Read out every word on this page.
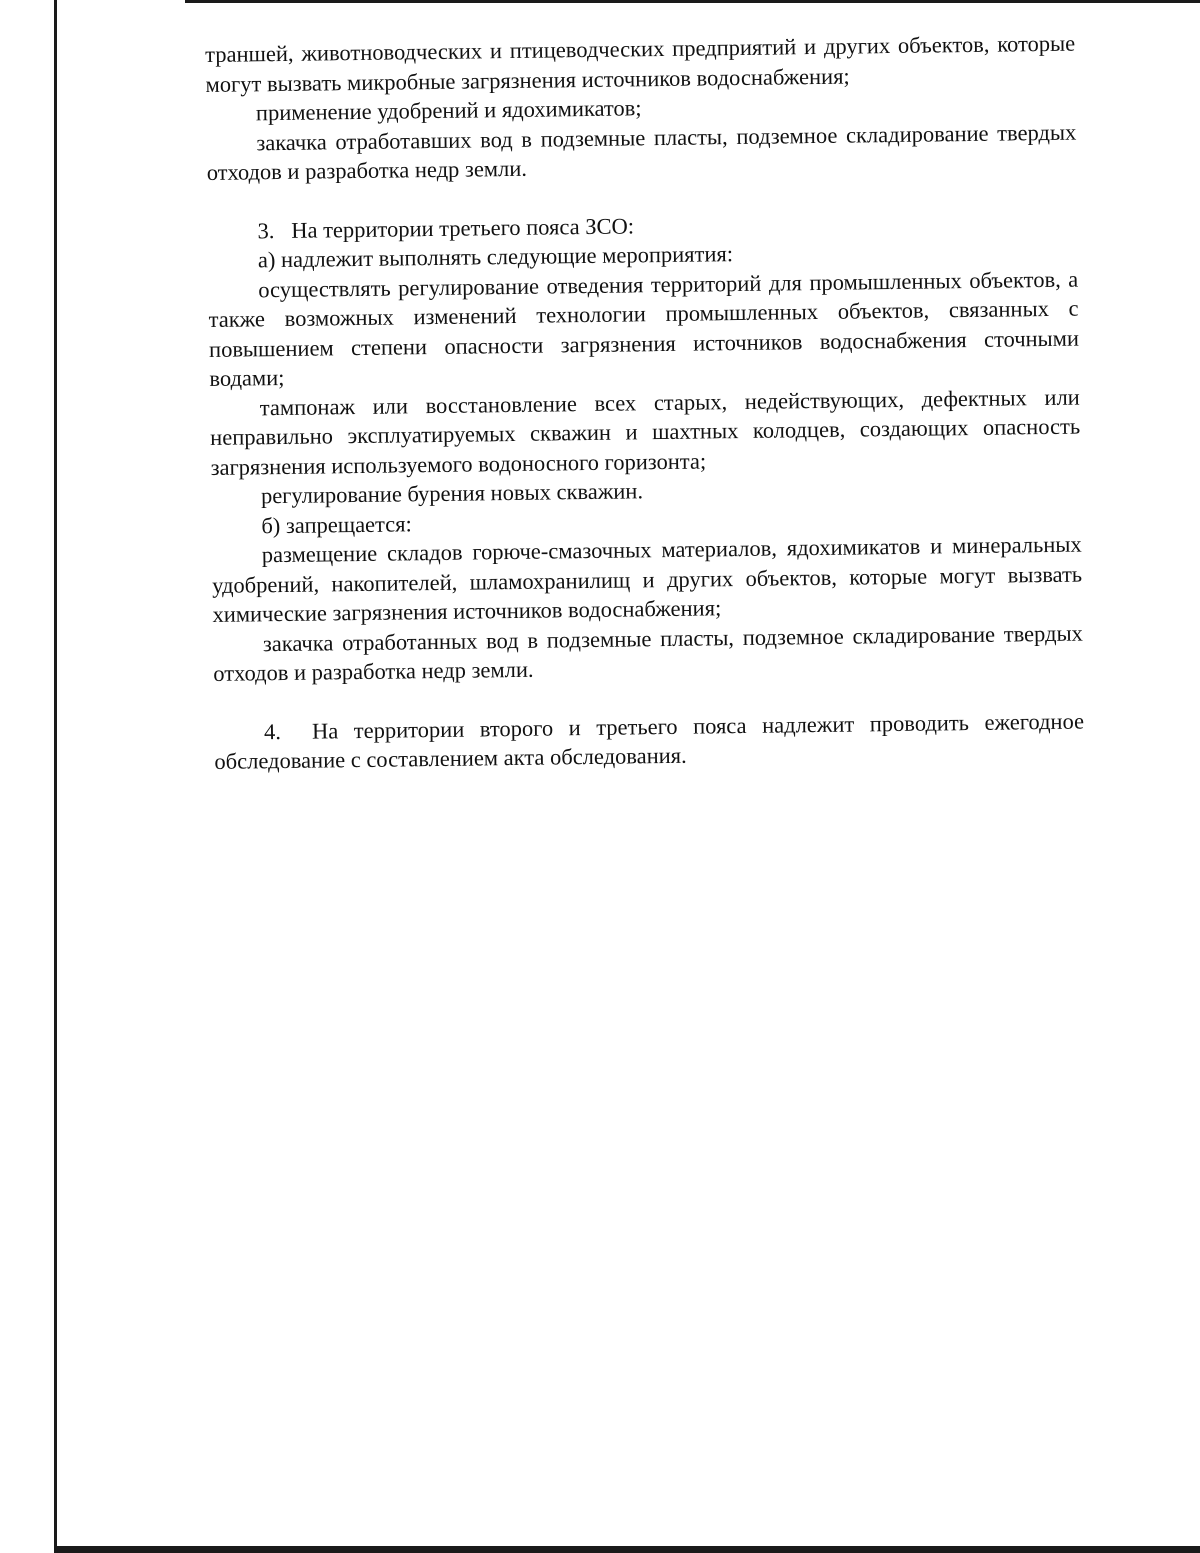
траншей, животноводческих и птицеводческих предприятий и других объектов, которые могут вызвать микробные загрязнения источников водоснабжения;

применение удобрений и ядохимикатов;

закачка отработавших вод в подземные пласты, подземное складирование твердых отходов и разработка недр земли.

3.   На территории третьего пояса ЗСО:

а) надлежит выполнять следующие мероприятия:

осуществлять регулирование отведения территорий для промышленных объектов, а также возможных изменений технологии промышленных объектов, связанных с повышением степени опасности загрязнения источников водоснабжения сточными водами;

тампонаж или восстановление всех старых, недействующих, дефектных или неправильно эксплуатируемых скважин и шахтных колодцев, создающих опасность загрязнения используемого водоносного горизонта;

регулирование бурения новых скважин.

б) запрещается:

размещение складов горюче-смазочных материалов, ядохимикатов и минеральных удобрений, накопителей, шламохранилищ и других объектов, которые могут вызвать химические загрязнения источников водоснабжения;

закачка отработанных вод в подземные пласты, подземное складирование твердых отходов и разработка недр земли.

4.  На территории второго и третьего пояса надлежит проводить ежегодное обследование с составлением акта обследования.
